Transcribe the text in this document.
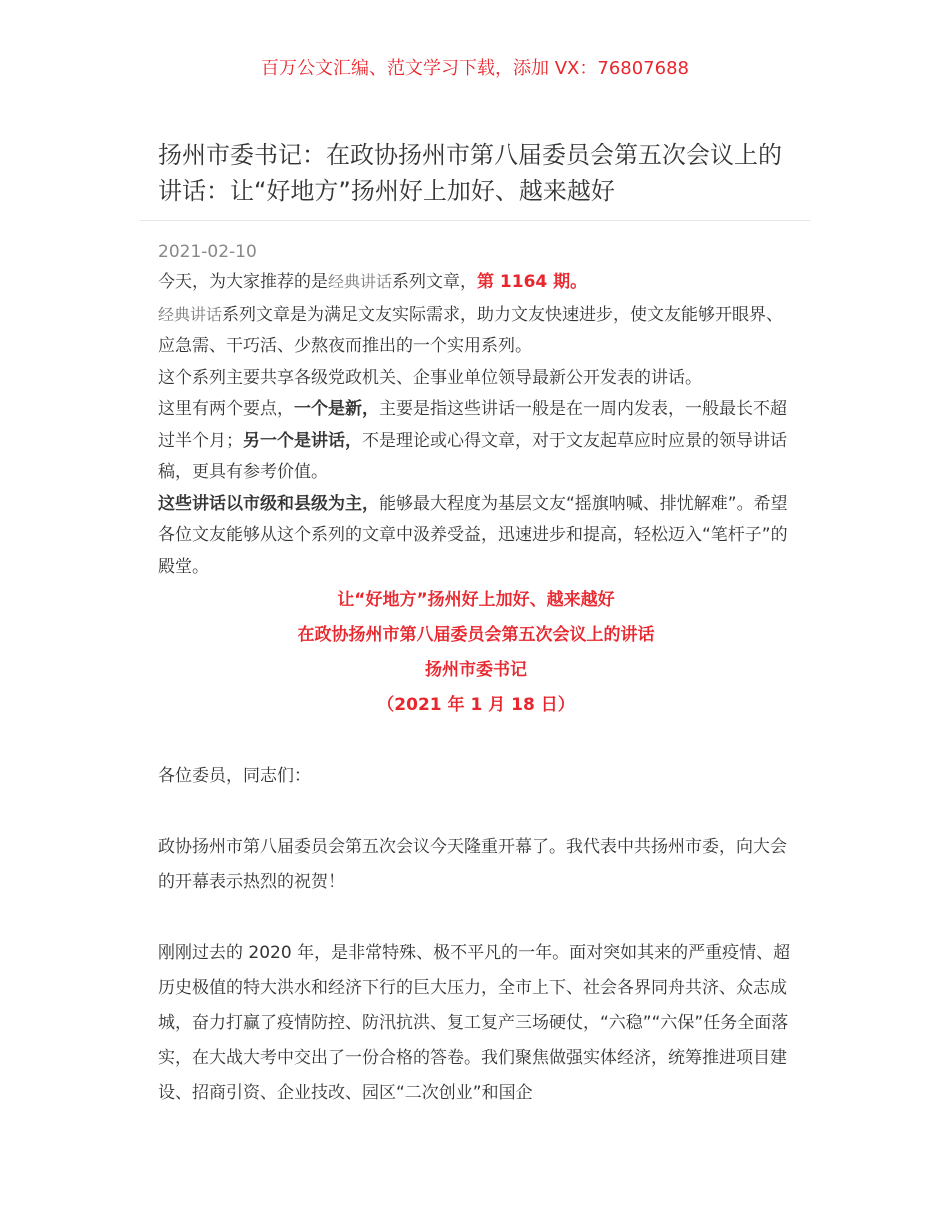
百万公文汇编、范文学习下载，添加 VX：76807688
扬州市委书记：在政协扬州市第八届委员会第五次会议上的讲话：让“好地方”扬州好上加好、越来越好

2021-02-10

今天，为大家推荐的是经典讲话系列文章，第 1164 期。

经典讲话系列文章是为满足文友实际需求，助力文友快速进步，使文友能够开眼界、应急需、干巧活、少熬夜而推出的一个实用系列。

这个系列主要共享各级党政机关、企事业单位领导最新公开发表的讲话。

这里有两个要点，一个是新，主要是指这些讲话一般是在一周内发表，一般最长不超过半个月；另一个是讲话，不是理论或心得文章，对于文友起草应时应景的领导讲话稿，更具有参考价值。

这些讲话以市级和县级为主，能够最大程度为基层文友“摇旗呐喊、排忧解难”。希望各位文友能够从这个系列的文章中汲养受益，迅速进步和提高，轻松迈入“笔杆子”的殿堂。

让“好地方”扬州好上加好、越来越好

在政协扬州市第八届委员会第五次会议上的讲话

扬州市委书记

（2021 年 1 月 18 日）

各位委员，同志们：

政协扬州市第八届委员会第五次会议今天隆重开幕了。我代表中共扬州市委，向大会的开幕表示热烈的祝贺！

刚刚过去的 2020 年，是非常特殊、极不平凡的一年。面对突如其来的严重疫情、超历史极值的特大洪水和经济下行的巨大压力，全市上下、社会各界同舟共济、众志成城，奋力打赢了疫情防控、防汛抗洪、复工复产三场硬仗，“六稳”“六保”任务全面落实，在大战大考中交出了一份合格的答卷。我们聚焦做强实体经济，统筹推进项目建设、招商引资、企业技改、园区“二次创业”和国企
